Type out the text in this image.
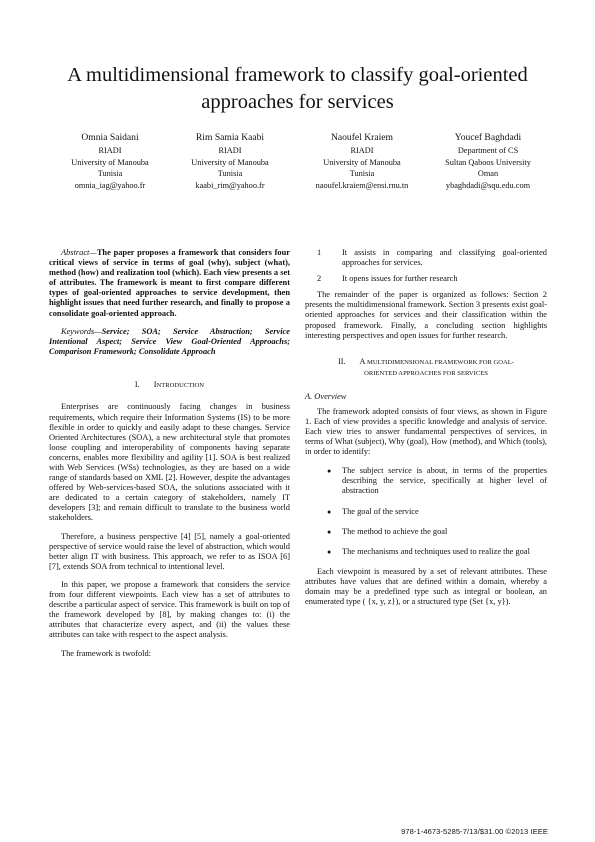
A multidimensional framework to classify goal-oriented approaches for services
Omnia Saidani
RIADI
University of Manouba
Tunisia
omnia_iag@yahoo.fr
Rim Samia Kaabi
RIADI
University of Manouba
Tunisia
kaabi_rim@yahoo.fr
Naoufel Kraiem
RIADI
University of Manouba
Tunisia
naoufel.kraiem@ensi.rnu.tn
Youcef Baghdadi
Department of CS
Sultan Qaboos University
Oman
ybaghdadi@squ.edu.com

Abstract—The paper proposes a framework that considers four critical views of service in terms of goal (why), subject (what), method (how) and realization tool (which). Each view presents a set of attributes. The framework is meant to first compare different types of goal-oriented approaches to service development, then highlight issues that need further research, and finally to propose a consolidate goal-oriented approach.

Keywords—Service; SOA; Service Abstraction; Service Intentional Aspect; Service View Goal-Oriented Approachs; Comparison Framework; Consolidate Approach

I. INTRODUCTION

Enterprises are continuously facing changes in business requirements, which require their Information Systems (IS) to be more flexible in order to quickly and easily adapt to these changes. Service Oriented Architectures (SOA), a new architectural style that promotes loose coupling and interoperability of components having separate concerns, enables more flexibility and agility [1]. SOA is best realized with Web Services (WSs) technologies, as they are based on a wide range of standards based on XML [2]. However, despite the advantages offered by Web-services-based SOA, the solutions associated with it are dedicated to a certain category of stakeholders, namely IT developers [3]; and remain difficult to translate to the business world stakeholders.

Therefore, a business perspective [4] [5], namely a goal-oriented perspective of service would raise the level of abstraction, which would better align IT with business. This approach, we refer to as ISOA [6][7], extends SOA from technical to intentional level.

In this paper, we propose a framework that considers the service from four different viewpoints. Each view has a set of attributes to describe a particular aspect of service. This framework is built on top of the framework developed by [8], by making changes to: (i) the attributes that characterize every aspect, and (ii) the values these attributes can take with respect to the aspect analysis.

The framework is twofold:

1 It assists in comparing and classifying goal-oriented approaches for services.
2 It opens issues for further research

The remainder of the paper is organized as follows: Section 2 presents the multidimensional framework. Section 3 presents exist goal-oriented approaches for services and their classification within the proposed framework. Finally, a concluding section highlights interesting perspectives and open issues for further research.

II. A MULTIDIMENSIONAL FRAMEWORK FOR GOAL-
ORIENTED APPROACHES FOR SERVICES

A. Overview

The framework adopted consists of four views, as shown in Figure 1. Each of view provides a specific knowledge and analysis of service. Each view tries to answer fundamental perspectives of services, in terms of What (subject), Why (goal), How (method), and Which (tools), in order to identify:

● The subject service is about, in terms of the properties describing the service, specifically at higher level of abstraction
● The goal of the service
● The method to achieve the goal
● The mechanisms and techniques used to realize the goal

Each viewpoint is measured by a set of relevant attributes. These attributes have values that are defined within a domain, whereby a domain may be a predefined type such as integral or boolean, an enumerated type ( {x, y, z}), or a structured type (Set {x, y}).

978-1-4673-5285-7/13/$31.00 ©2013 IEEE
